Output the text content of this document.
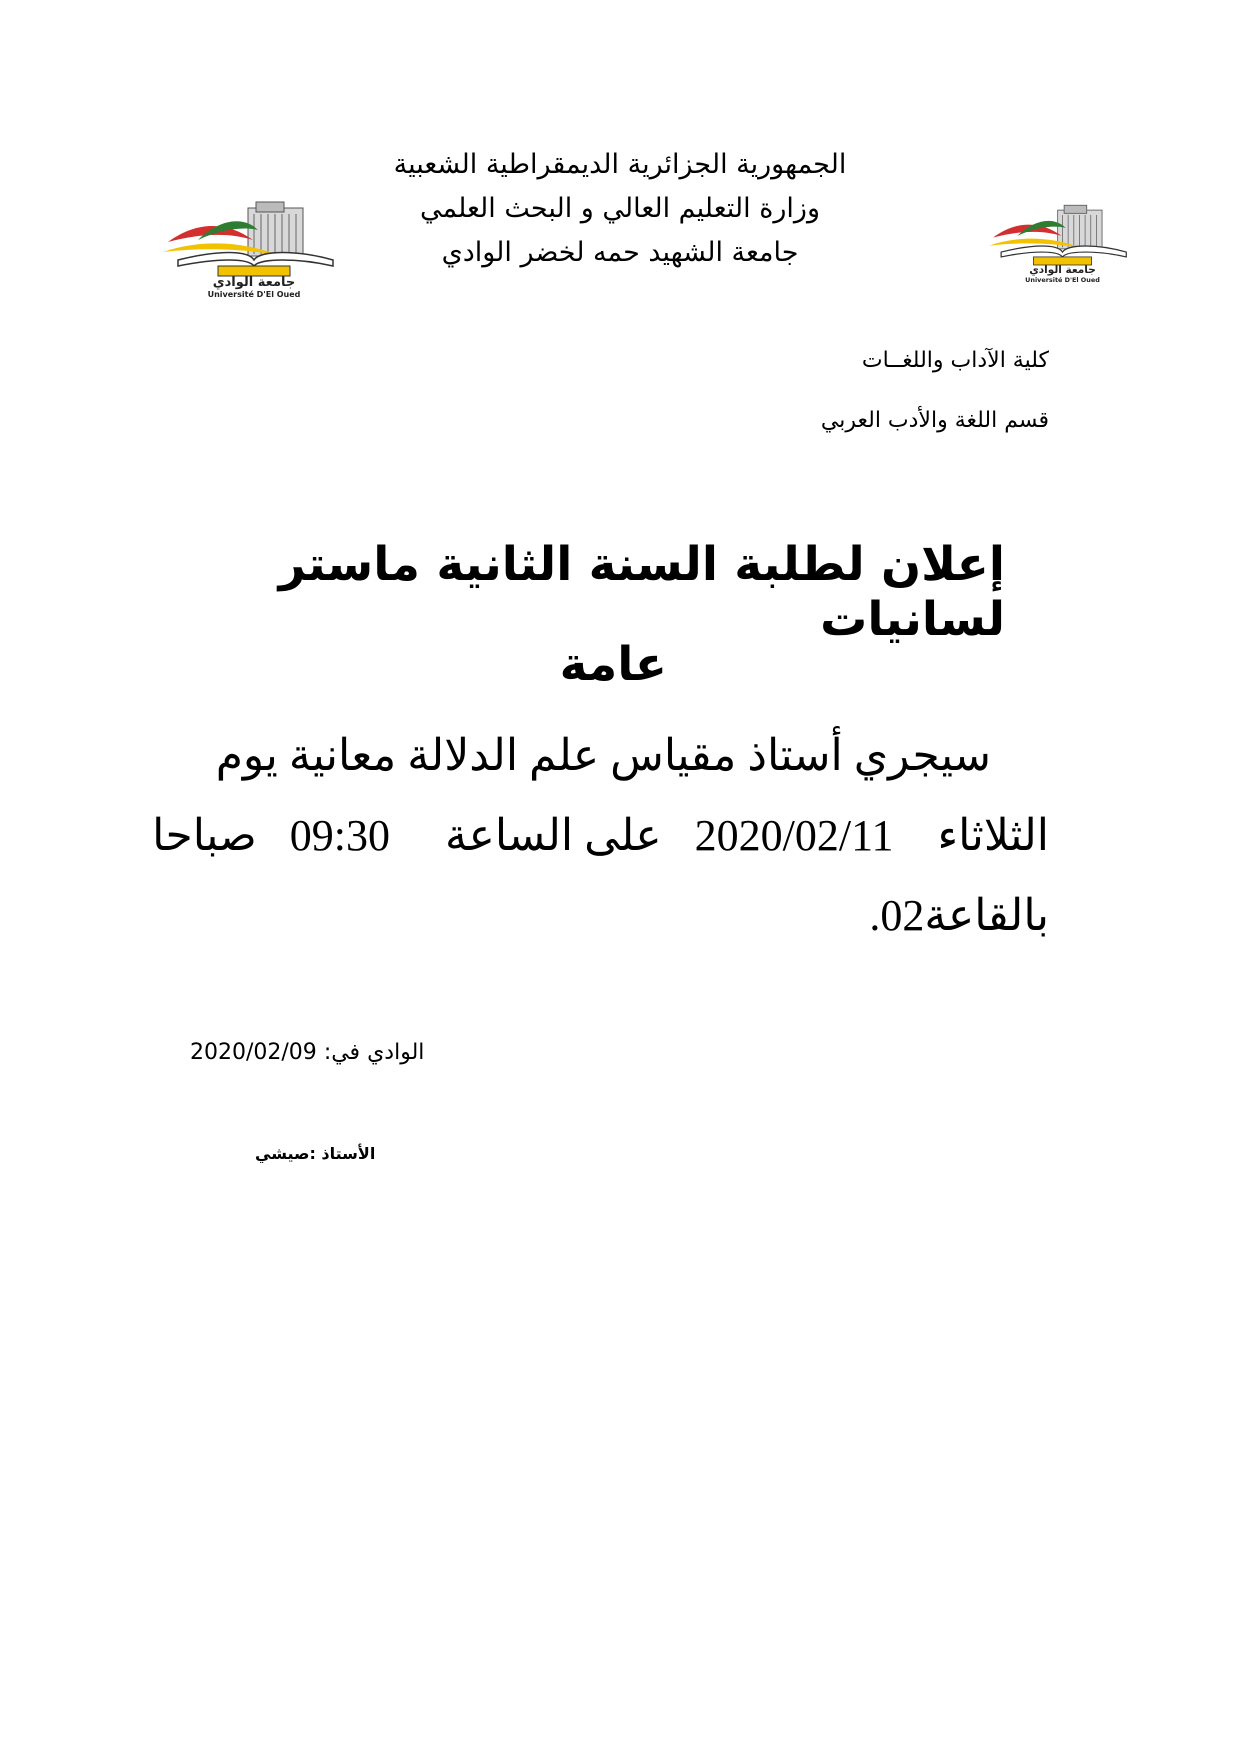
الجمهورية الجزائرية الديمقراطية الشعبية
وزارة التعليم العالي و البحث العلمي
جامعة الشهيد حمه لخضر الوادي
جامعة الوادي
Université D'El Oued
جامعة الوادي
Université D'El Oued
كلية الآداب واللغــات
قسم اللغة والأدب العربي
إعلان لطلبة السنة الثانية ماستر لسانيات
عامة
سيجري أستاذ مقياس علم الدلالة معانية يوم
الثلاثاء    2020/02/11   على الساعة     09:30   صباحا
بالقاعة02.
الوادي في: 2020/02/09
الأستاذ :صيشي
